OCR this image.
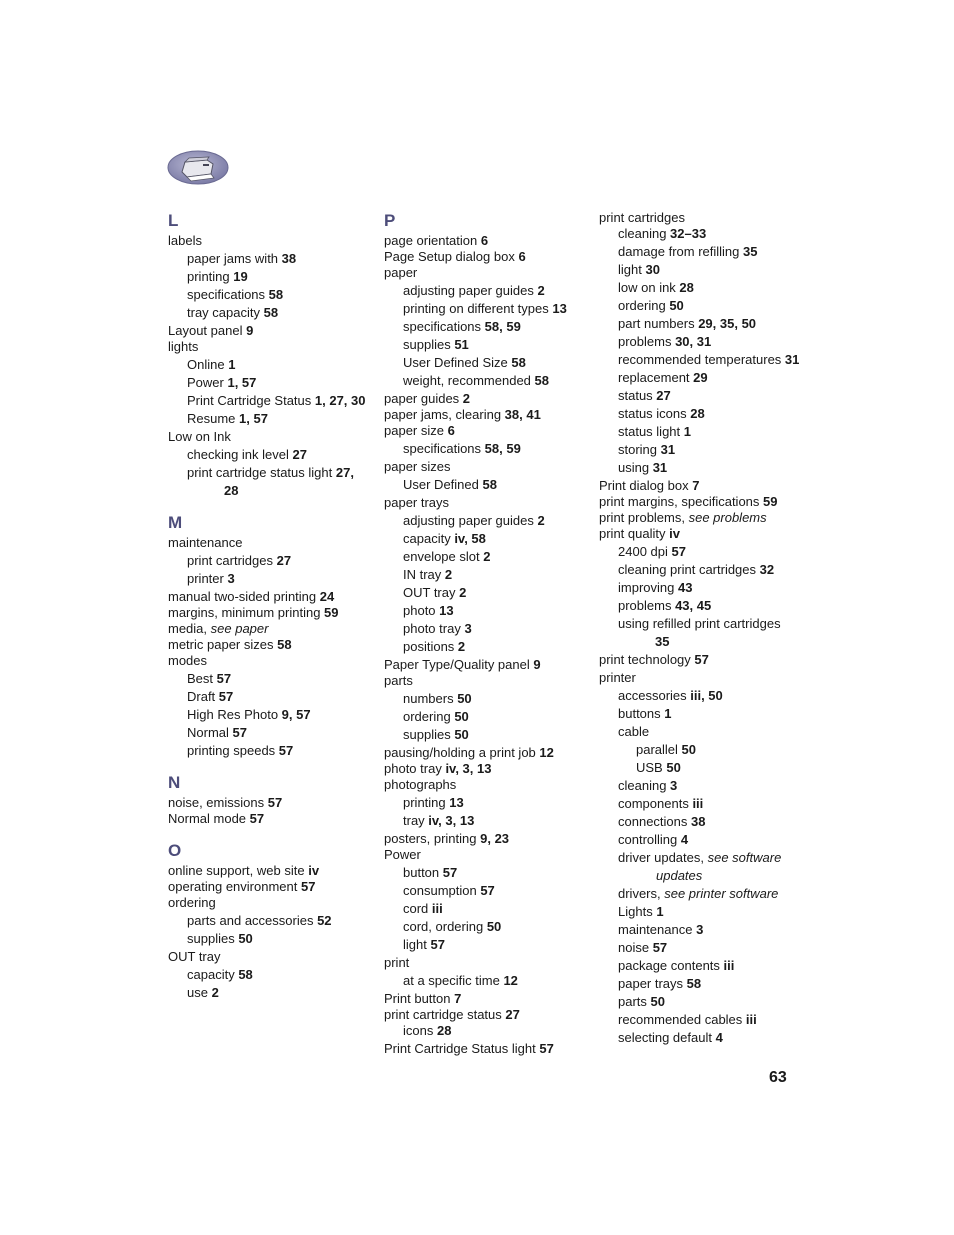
L
labels
paper jams with 38
printing 19
specifications 58
tray capacity 58
Layout panel 9
lights
Online 1
Power 1, 57
Print Cartridge Status 1, 27, 30
Resume 1, 57
Low on Ink
checking ink level 27
print cartridge status light 27,
28
M
maintenance
print cartridges 27
printer 3
manual two-sided printing 24
margins, minimum printing 59
media, see paper
metric paper sizes 58
modes
Best 57
Draft 57
High Res Photo 9, 57
Normal 57
printing speeds 57
N
noise, emissions 57
Normal mode 57
O
online support, web site iv
operating environment 57
ordering
parts and accessories 52
supplies 50
OUT tray
capacity 58
use 2
P
page orientation 6
Page Setup dialog box 6
paper
adjusting paper guides 2
printing on different types 13
specifications 58, 59
supplies 51
User Defined Size 58
weight, recommended 58
paper guides 2
paper jams, clearing 38, 41
paper size 6
specifications 58, 59
paper sizes
User Defined 58
paper trays
adjusting paper guides 2
capacity iv, 58
envelope slot 2
IN tray 2
OUT tray 2
photo 13
photo tray 3
positions 2
Paper Type/Quality panel 9
parts
numbers 50
ordering 50
supplies 50
pausing/holding a print job 12
photo tray iv, 3, 13
photographs
printing 13
tray iv, 3, 13
posters, printing 9, 23
Power
button 57
consumption 57
cord iii
cord, ordering 50
light 57
print
at a specific time 12
Print button 7
print cartridge status 27
icons 28
Print Cartridge Status light 57
print cartridges
cleaning 32–33
damage from refilling 35
light 30
low on ink 28
ordering 50
part numbers 29, 35, 50
problems 30, 31
recommended temperatures 31
replacement 29
status 27
status icons 28
status light 1
storing 31
using 31
Print dialog box 7
print margins, specifications 59
print problems, see problems
print quality iv
2400 dpi 57
cleaning print cartridges 32
improving 43
problems 43, 45
using refilled print cartridges
35
print technology 57
printer
accessories iii, 50
buttons 1
cable
parallel 50
USB 50
cleaning 3
components iii
connections 38
controlling 4
driver updates, see software
updates
drivers, see printer software
Lights 1
maintenance 3
noise 57
package contents iii
paper trays 58
parts 50
recommended cables iii
selecting default 4
63
